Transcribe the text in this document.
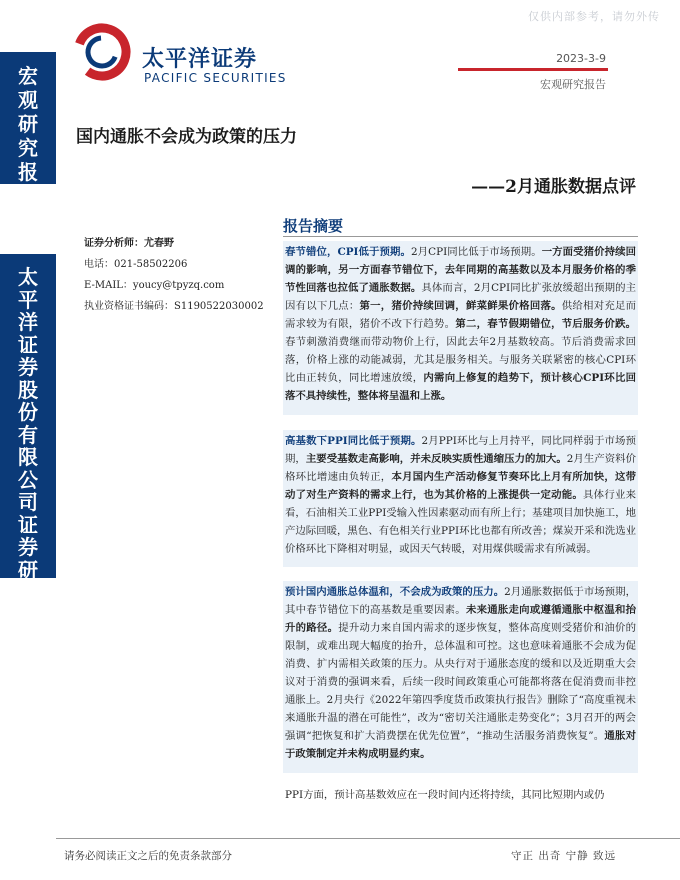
宏
观
研
究
报
告
太
平
洋
证
券
股
份
有
限
公
司
证
券
研
究
报
告
仅供内部参考，请勿外传
太平洋证券
PACIFIC SECURITIES
2023-3-9
宏观研究报告
国内通胀不会成为政策的压力
——2月通胀数据点评
证券分析师：尤春野
电话：021-58502206
E-MAIL：youcy@tpyzq.com
执业资格证书编码：S1190522030002
报告摘要
春节错位，CPI低于预期。2月CPI同比低于市场预期。一方面受猪价持续回调的影响，另一方面春节错位下，去年同期的高基数以及本月服务价格的季节性回落也拉低了通胀数据。具体而言，2月CPI同比扩张放缓超出预期的主因有以下几点：第一，猪价持续回调，鲜菜鲜果价格回落。供给相对充足而需求较为有限，猪价不改下行趋势。第二，春节假期错位，节后服务价跌。春节刺激消费继而带动物价上行，因此去年2月基数较高。节后消费需求回落，价格上涨的动能减弱，尤其是服务相关。与服务关联紧密的核心CPI环比由正转负，同比增速放缓，内需向上修复的趋势下，预计核心CPI环比回落不具持续性，整体将呈温和上涨。
高基数下PPI同比低于预期。2月PPI环比与上月持平，同比同样弱于市场预期，主要受基数走高影响，并未反映实质性通缩压力的加大。2月生产资料价格环比增速由负转正，本月国内生产活动修复节奏环比上月有所加快，这带动了对生产资料的需求上行，也为其价格的上涨提供一定动能。具体行业来看，石油相关工业PPI受输入性因素驱动而有所上行；基建项目加快施工，地产边际回暖，黑色、有色相关行业PPI环比也都有所改善；煤炭开采和洗选业价格环比下降相对明显，或因天气转暖，对用煤供暖需求有所减弱。
预计国内通胀总体温和，不会成为政策的压力。2月通胀数据低于市场预期，其中春节错位下的高基数是重要因素。未来通胀走向或遵循通胀中枢温和抬升的路径。提升动力来自国内需求的逐步恢复，整体高度则受猪价和油价的限制，或难出现大幅度的抬升，总体温和可控。这也意味着通胀不会成为促消费、扩内需相关政策的压力。从央行对于通胀态度的缓和以及近期重大会议对于消费的强调来看，后续一段时间政策重心可能都将落在促消费而非控通胀上。2月央行《2022年第四季度货币政策执行报告》删除了“高度重视未来通胀升温的潜在可能性”，改为“密切关注通胀走势变化”；3月召开的两会强调“把恢复和扩大消费摆在优先位置”，“推动生活服务消费恢复”。通胀对于政策制定并未构成明显约束。
PPI方面，预计高基数效应在一段时间内还将持续，其同比短期内或仍
请务必阅读正文之后的免责条款部分	守正 出奇 宁静 致远
